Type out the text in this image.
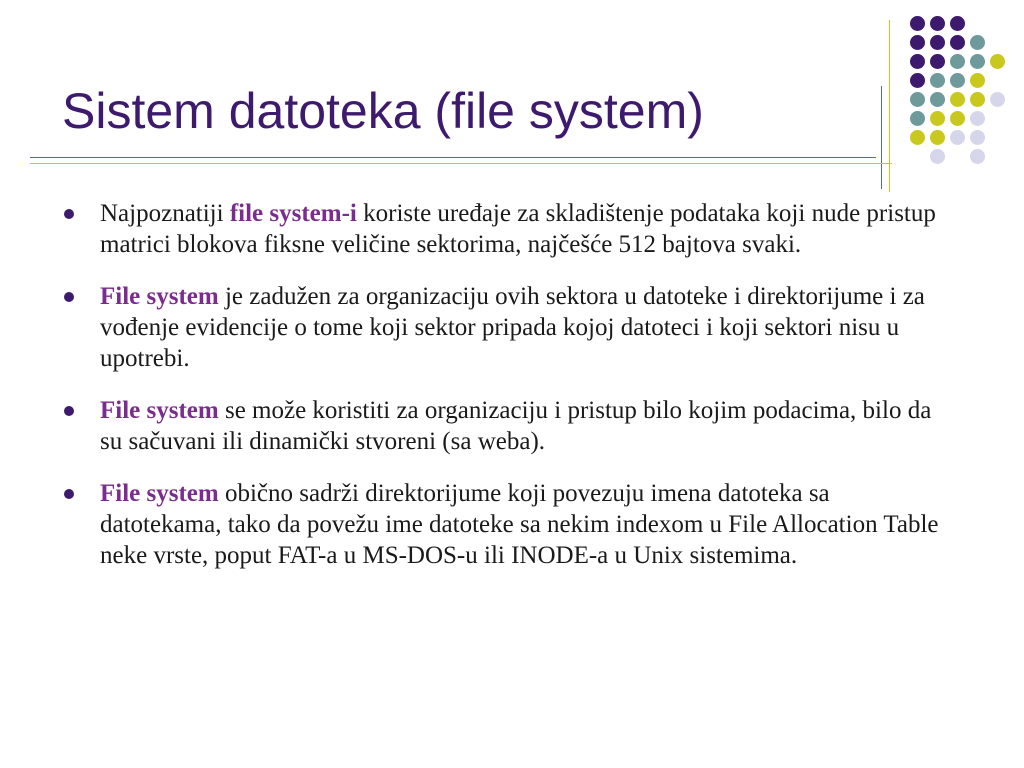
Sistem datoteka (file system)
Najpoznatiji file system-i koriste uređaje za skladištenje podataka koji nude pristup matrici blokova fiksne veličine sektorima, najčešće 512 bajtova svaki.
File system je zadužen za organizaciju ovih sektora u datoteke i direktorijume i za vođenje evidencije o tome koji sektor pripada kojoj datoteci i koji sektori nisu u upotrebi.
File system se može koristiti za organizaciju i pristup bilo kojim podacima, bilo da su sačuvani ili dinamički stvoreni (sa weba).
File system obično sadrži direktorijume koji povezuju imena datoteka sa datotekama, tako da povežu ime datoteke sa nekim indexom u File Allocation Table neke vrste, poput FAT-a u MS-DOS-u ili INODE-a u Unix sistemima.
